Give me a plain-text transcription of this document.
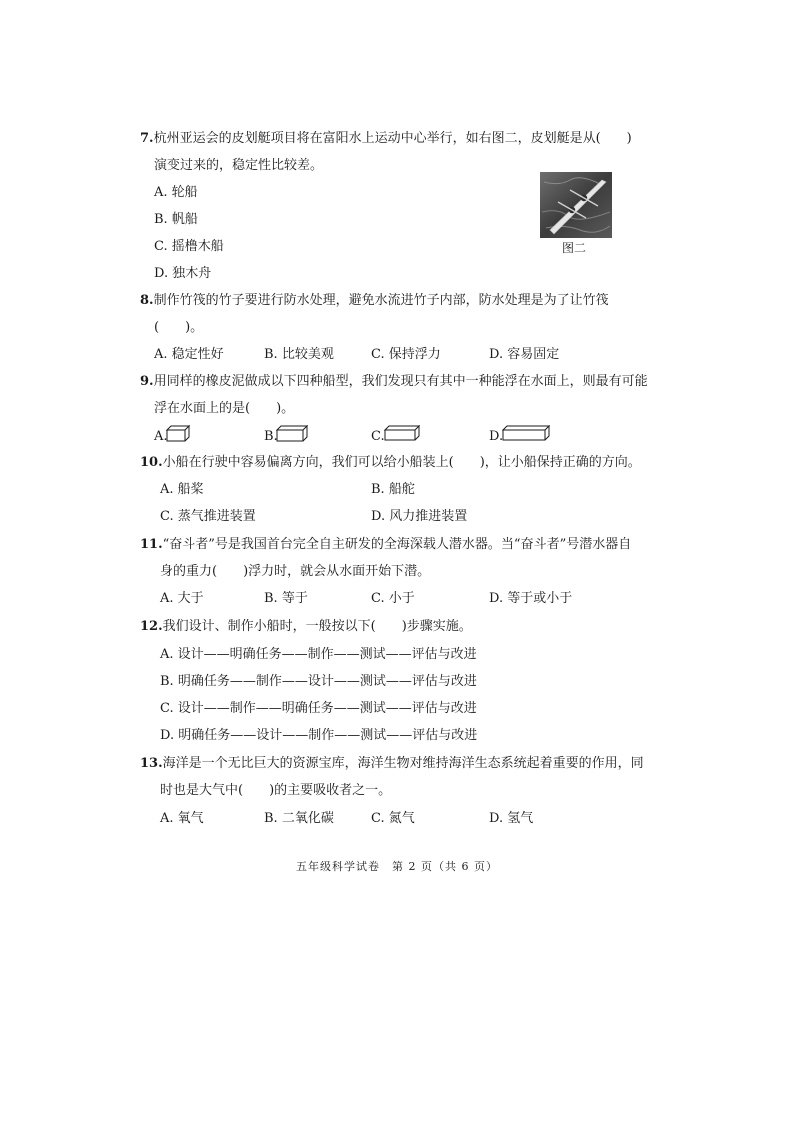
7.杭州亚运会的皮划艇项目将在富阳水上运动中心举行，如右图二，皮划艇是从(　　)
演变过来的，稳定性比较差。
A. 轮船
B. 帆船
C. 摇橹木船
D. 独木舟
图二
8.制作竹筏的竹子要进行防水处理，避免水流进竹子内部，防水处理是为了让竹筏
(　　)。
A. 稳定性好	B. 比较美观	C. 保持浮力	D. 容易固定
9.用同样的橡皮泥做成以下四种船型，我们发现只有其中一种能浮在水面上，则最有可能
浮在水面上的是(　　)。
A.	B.	C.	D.
10.小船在行驶中容易偏离方向，我们可以给小船装上(　　)，让小船保持正确的方向。
A. 船桨	B. 船舵
C. 蒸气推进装置	D. 风力推进装置
11.“奋斗者”号是我国首台完全自主研发的全海深载人潜水器。当“奋斗者”号潜水器自
身的重力(　　)浮力时，就会从水面开始下潜。
A. 大于	B. 等于	C. 小于	D. 等于或小于
12.我们设计、制作小船时，一般按以下(　　)步骤实施。
A. 设计——明确任务——制作——测试——评估与改进
B. 明确任务——制作——设计——测试——评估与改进
C. 设计——制作——明确任务——测试——评估与改进
D. 明确任务——设计——制作——测试——评估与改进
13.海洋是一个无比巨大的资源宝库，海洋生物对维持海洋生态系统起着重要的作用，同
时也是大气中(　　)的主要吸收者之一。
A. 氧气	B. 二氧化碳	C. 氮气	D. 氢气
五年级科学试卷　第 2 页（共 6 页）
